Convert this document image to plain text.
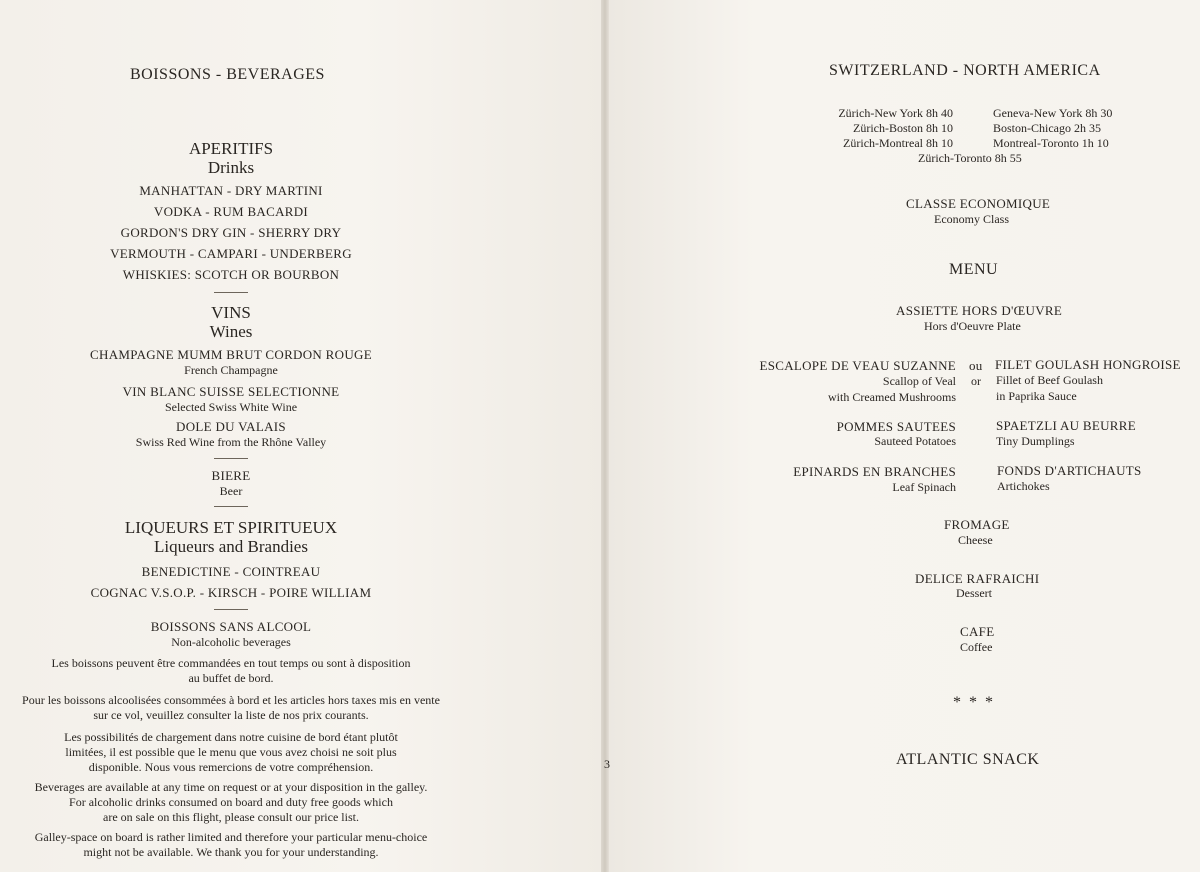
BOISSONS - BEVERAGES
APERITIFS
Drinks
MANHATTAN - DRY MARTINI
VODKA - RUM BACARDI
GORDON'S DRY GIN - SHERRY DRY
VERMOUTH - CAMPARI - UNDERBERG
WHISKIES: SCOTCH OR BOURBON
VINS
Wines
CHAMPAGNE MUMM BRUT CORDON ROUGE
French Champagne
VIN BLANC SUISSE SELECTIONNE
Selected Swiss White Wine
DOLE DU VALAIS
Swiss Red Wine from the Rhône Valley
BIERE
Beer
LIQUEURS ET SPIRITUEUX
Liqueurs and Brandies
BENEDICTINE - COINTREAU
COGNAC V.S.O.P. - KIRSCH - POIRE WILLIAM
BOISSONS SANS ALCOOL
Non-alcoholic beverages
Les boissons peuvent être commandées en tout temps ou sont à disposition
au buffet de bord.
Pour les boissons alcoolisées consommées à bord et les articles hors taxes mis en vente
sur ce vol, veuillez consulter la liste de nos prix courants.
Les possibilités de chargement dans notre cuisine de bord étant plutôt
limitées, il est possible que le menu que vous avez choisi ne soit plus
disponible. Nous vous remercions de votre compréhension.
Beverages are available at any time on request or at your disposition in the galley.
For alcoholic drinks consumed on board and duty free goods which
are on sale on this flight, please consult our price list.
Galley-space on board is rather limited and therefore your particular menu-choice
might not be available. We thank you for your understanding.
3
SWITZERLAND - NORTH AMERICA
Zürich-New York 8h 40
Zürich-Boston 8h 10
Zürich-Montreal 8h 10
Geneva-New York 8h 30
Boston-Chicago 2h 35
Montreal-Toronto 1h 10
Zürich-Toronto 8h 55
CLASSE ECONOMIQUE
Economy Class
MENU
ASSIETTE HORS D'ŒUVRE
Hors d'Oeuvre Plate
ESCALOPE DE VEAU SUZANNE
Scallop of Veal
with Creamed Mushrooms
ou
or
FILET GOULASH HONGROISE
Fillet of Beef Goulash
in Paprika Sauce
POMMES SAUTEES
Sauteed Potatoes
SPAETZLI AU BEURRE
Tiny Dumplings
EPINARDS EN BRANCHES
Leaf Spinach
FONDS D'ARTICHAUTS
Artichokes
FROMAGE
Cheese
DELICE RAFRAICHI
Dessert
CAFE
Coffee
* * *
ATLANTIC SNACK
